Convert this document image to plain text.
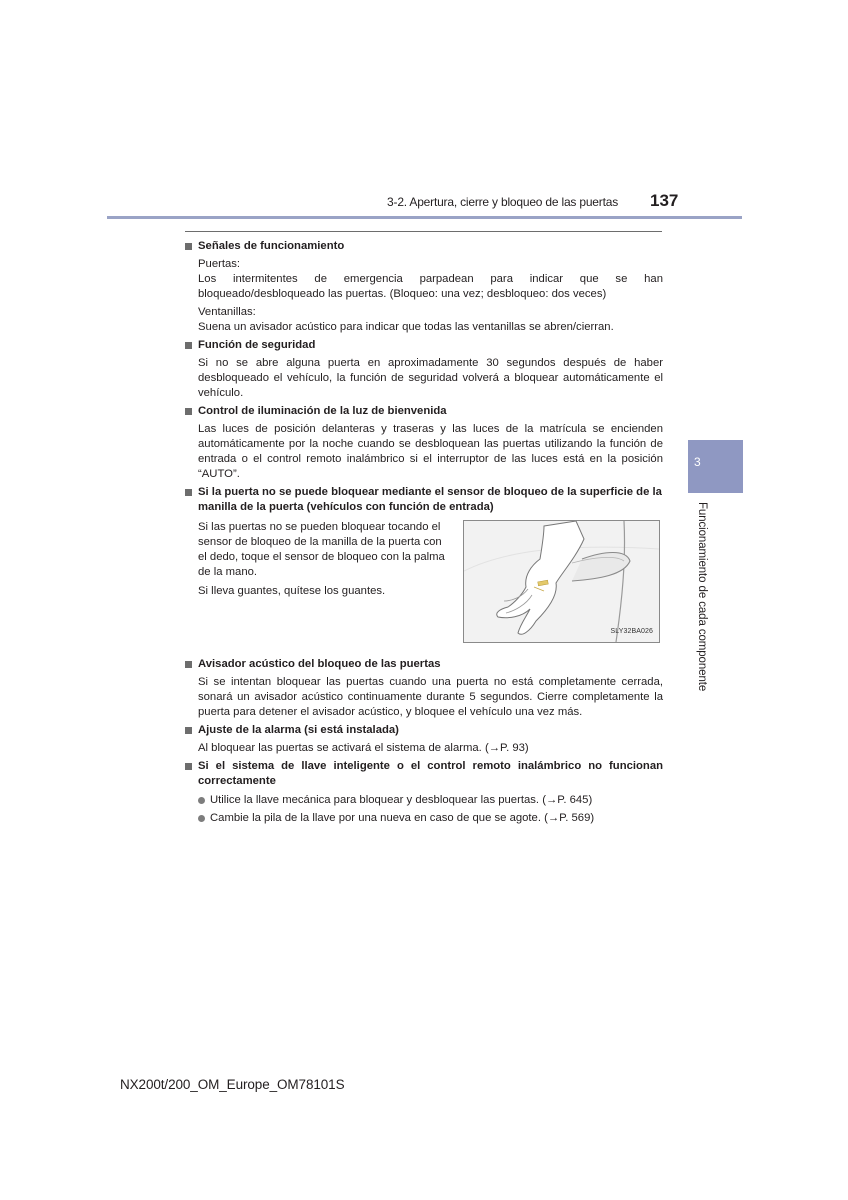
3-2. Apertura, cierre y bloqueo de las puertas 137
3
Funcionamiento de cada componente
Señales de funcionamiento
Puertas:
Los intermitentes de emergencia parpadean para indicar que se han bloqueado/desbloqueado las puertas. (Bloqueo: una vez; desbloqueo: dos veces)
Ventanillas:
Suena un avisador acústico para indicar que todas las ventanillas se abren/cierran.
Función de seguridad
Si no se abre alguna puerta en aproximadamente 30 segundos después de haber desbloqueado el vehículo, la función de seguridad volverá a bloquear automáticamente el vehículo.
Control de iluminación de la luz de bienvenida
Las luces de posición delanteras y traseras y las luces de la matrícula se encienden automáticamente por la noche cuando se desbloquean las puertas utilizando la función de entrada o el control remoto inalámbrico si el interruptor de las luces está en la posición “AUTO”.
Si la puerta no se puede bloquear mediante el sensor de bloqueo de la superficie de la manilla de la puerta (vehículos con función de entrada)
Si las puertas no se pueden bloquear tocando el sensor de bloqueo de la manilla de la puerta con el dedo, toque el sensor de bloqueo con la palma de la mano.
Si lleva guantes, quítese los guantes.
SLY32BA026
Avisador acústico del bloqueo de las puertas
Si se intentan bloquear las puertas cuando una puerta no está completamente cerrada, sonará un avisador acústico continuamente durante 5 segundos. Cierre completamente la puerta para detener el avisador acústico, y bloquee el vehículo una vez más.
Ajuste de la alarma (si está instalada)
Al bloquear las puertas se activará el sistema de alarma. (→P. 93)
Si el sistema de llave inteligente o el control remoto inalámbrico no funcionan correctamente
Utilice la llave mecánica para bloquear y desbloquear las puertas. (→P. 645)
Cambie la pila de la llave por una nueva en caso de que se agote. (→P. 569)
NX200t/200_OM_Europe_OM78101S
